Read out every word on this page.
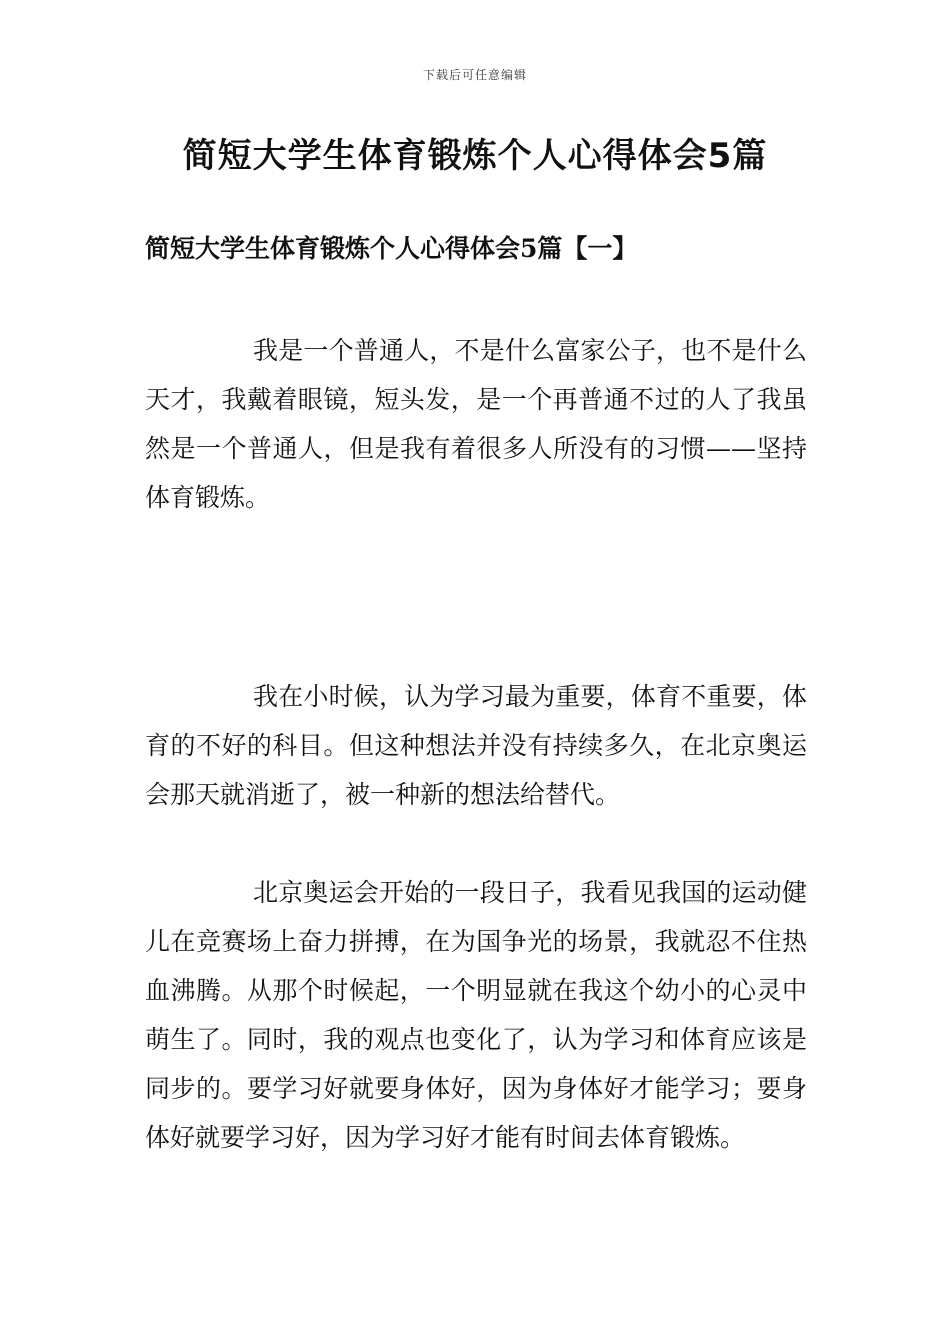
下载后可任意编辑
简短大学生体育锻炼个人心得体会5篇
简短大学生体育锻炼个人心得体会5篇【一】

我是一个普通人，不是什么富家公子，也不是什么天才，我戴着眼镜，短头发，是一个再普通不过的人了我虽然是一个普通人，但是我有着很多人所没有的习惯——坚持体育锻炼。

我在小时候，认为学习最为重要，体育不重要，体育的不好的科目。但这种想法并没有持续多久，在北京奥运会那天就消逝了，被一种新的想法给替代。

北京奥运会开始的一段日子，我看见我国的运动健儿在竞赛场上奋力拼搏，在为国争光的场景，我就忍不住热血沸腾。从那个时候起，一个明显就在我这个幼小的心灵中萌生了。同时，我的观点也变化了，认为学习和体育应该是同步的。要学习好就要身体好，因为身体好才能学习；要身体好就要学习好，因为学习好才能有时间去体育锻炼。
